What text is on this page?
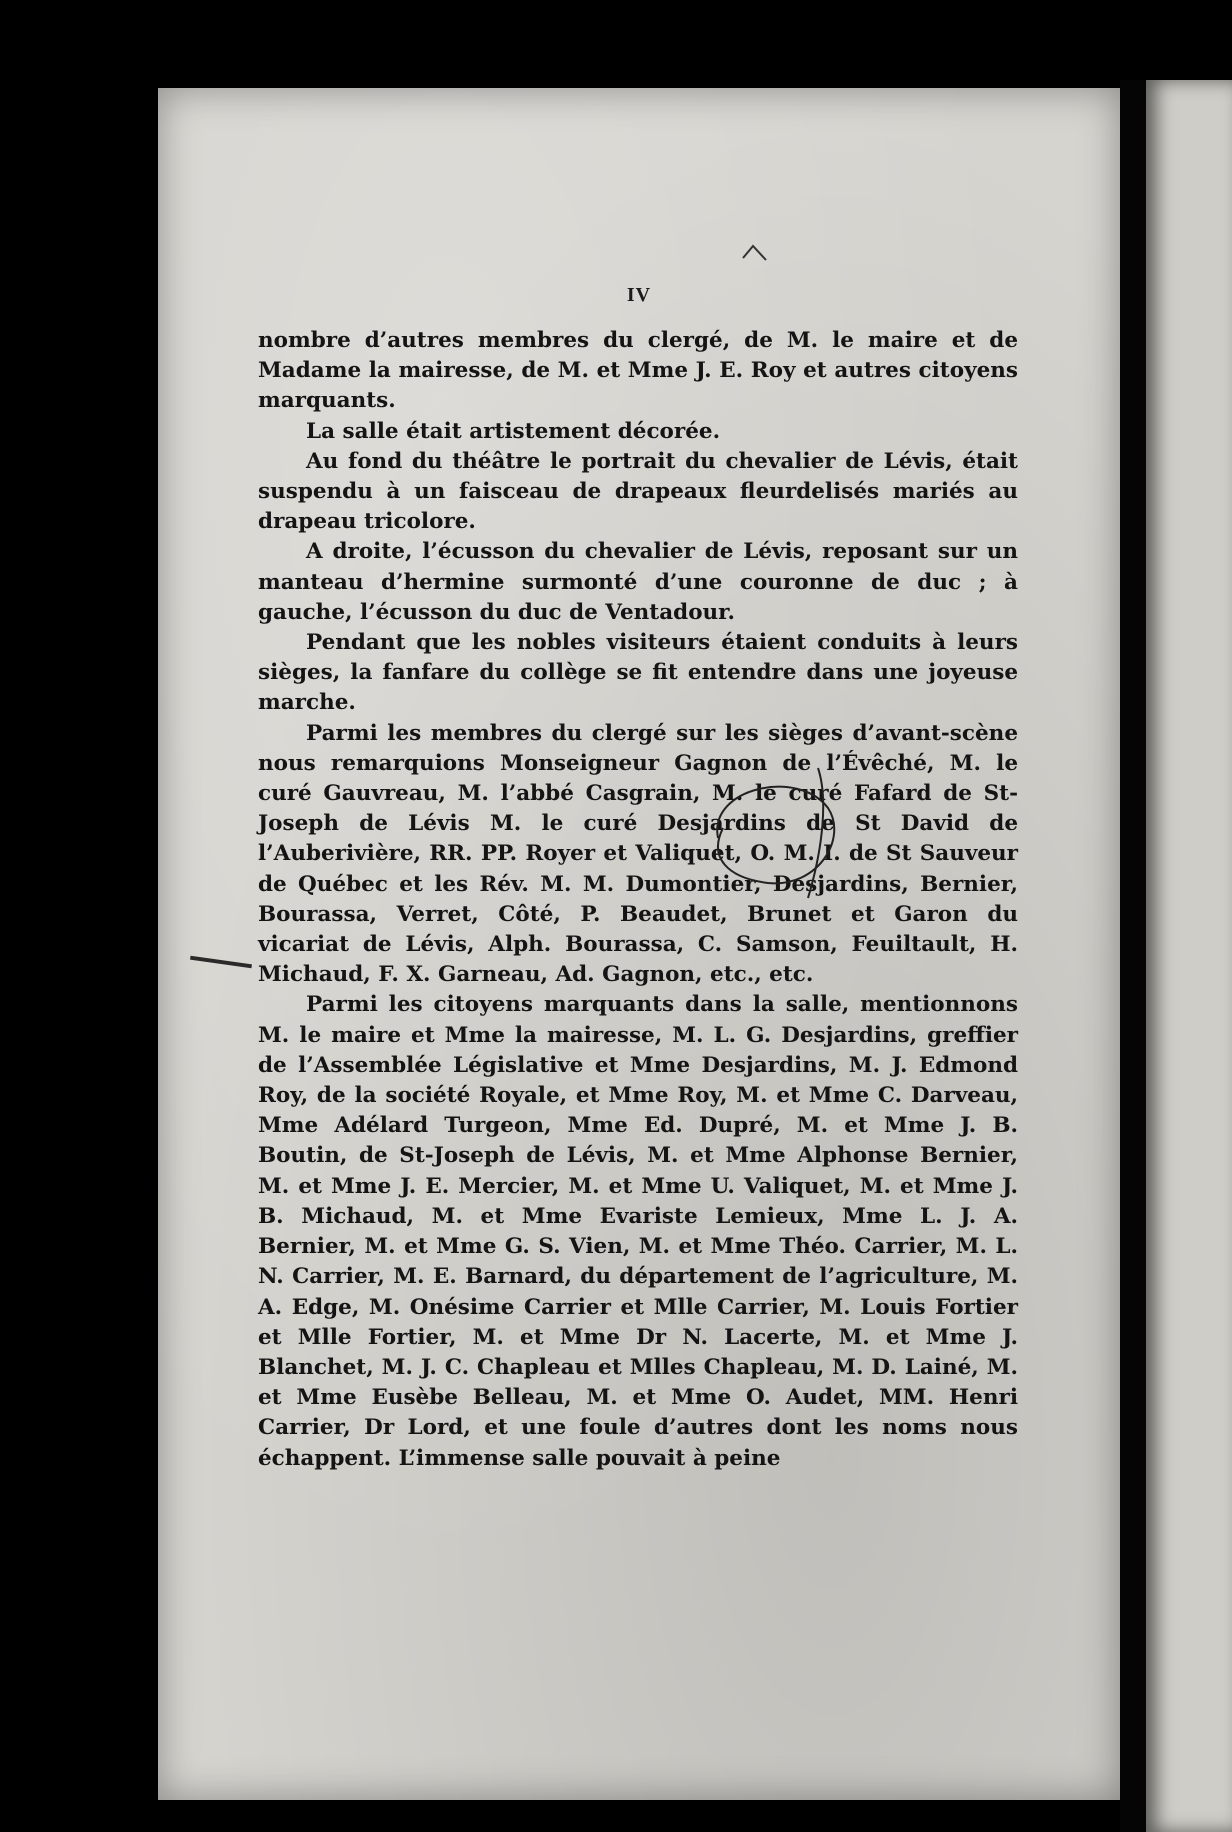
IV

nombre d’autres membres du clergé, de M. le maire et de Madame la mairesse, de M. et Mme J. E. Roy et autres citoyens marquants.

La salle était artistement décorée.

Au fond du théâtre le portrait du chevalier de Lévis, était suspendu à un faisceau de drapeaux fleurdelisés mariés au drapeau tricolore.

A droite, l’écusson du chevalier de Lévis, reposant sur un manteau d’hermine surmonté d’une couronne de duc ; à gauche, l’écusson du duc de Ventadour.

Pendant que les nobles visiteurs étaient conduits à leurs sièges, la fanfare du collège se fit entendre dans une joyeuse marche.

Parmi les membres du clergé sur les sièges d’avant-scène nous remarquions Monseigneur Gagnon de l’Évêché, M. le curé Gauvreau, M. l’abbé Casgrain, M. le curé Fafard de St-Joseph de Lévis M. le curé Desjardins de St David de l’Auberivière, RR. PP. Royer et Valiquet, O. M. I. de St Sauveur de Québec et les Rév. M. M. Dumontier, Desjardins, Bernier, Bourassa, Verret, Côté, P. Beaudet, Brunet et Garon du vicariat de Lévis, Alph. Bourassa, C. Samson, Feuiltault, H. Michaud, F. X. Garneau, Ad. Gagnon, etc., etc.

Parmi les citoyens marquants dans la salle, mentionnons M. le maire et Mme la mairesse, M. L. G. Desjardins, greffier de l’Assemblée Législative et Mme Desjardins, M. J. Edmond Roy, de la société Royale, et Mme Roy, M. et Mme C. Darveau, Mme Adélard Turgeon, Mme Ed. Dupré, M. et Mme J. B. Boutin, de St-Joseph de Lévis, M. et Mme Alphonse Bernier, M. et Mme J. E. Mercier, M. et Mme U. Valiquet, M. et Mme J. B. Michaud, M. et Mme Evariste Lemieux, Mme L. J. A. Bernier, M. et Mme G. S. Vien, M. et Mme Théo. Carrier, M. L. N. Carrier, M. E. Barnard, du département de l’agriculture, M. A. Edge, M. Onésime Carrier et Mlle Carrier, M. Louis Fortier et Mlle Fortier, M. et Mme Dr N. Lacerte, M. et Mme J. Blanchet, M. J. C. Chapleau et Mlles Chapleau, M. D. Lainé, M. et Mme Eusèbe Belleau, M. et Mme O. Audet, MM. Henri Carrier, Dr Lord, et une foule d’autres dont les noms nous échappent. L’immense salle pouvait à peine
